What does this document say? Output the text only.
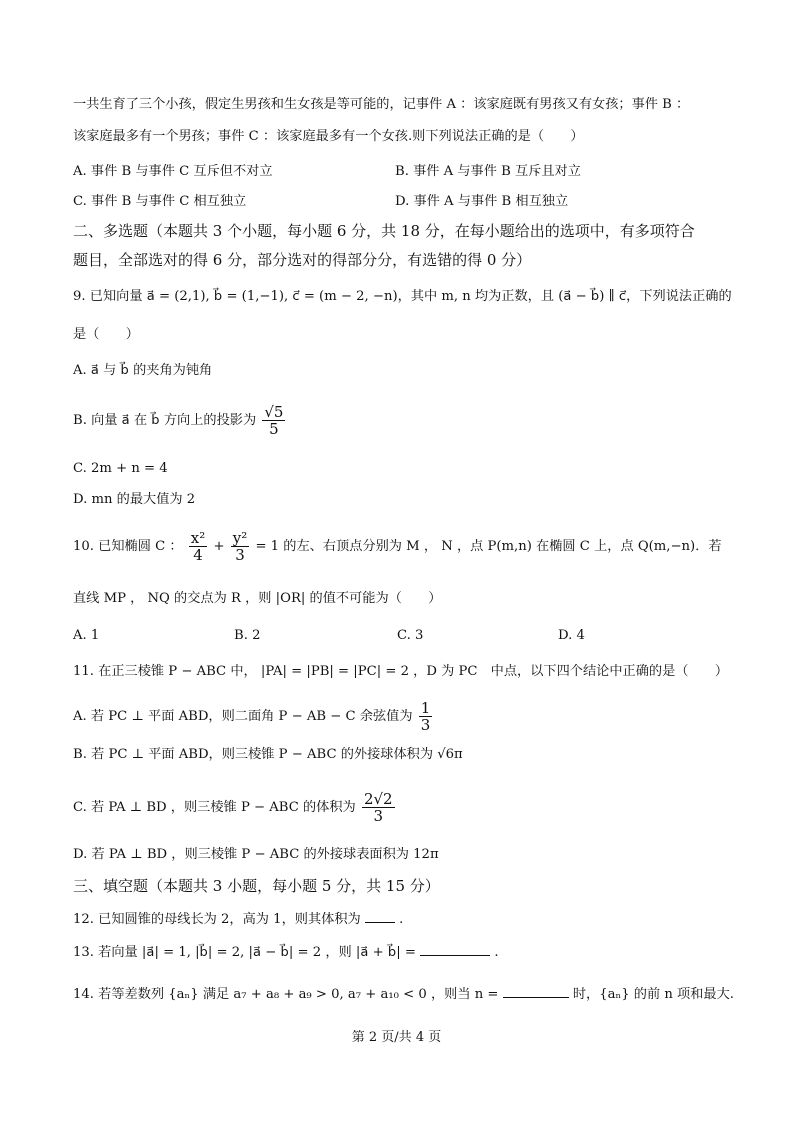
一共生育了三个小孩，假定生男孩和生女孩是等可能的，记事件 A ：该家庭既有男孩又有女孩；事件 B ：
该家庭最多有一个男孩；事件 C ：该家庭最多有一个女孩.则下列说法正确的是（　　）
A. 事件 B 与事件 C 互斥但不对立	B. 事件 A 与事件 B 互斥且对立
C. 事件 B 与事件 C 相互独立	D. 事件 A 与事件 B 相互独立
二、多选题（本题共 3 个小题，每小题 6 分，共 18 分，在每小题给出的选项中，有多项符合
题目，全部选对的得 6 分，部分选对的得部分分，有选错的得 0 分）
9. 已知向量 a⃗ = (2,1), b⃗ = (1,−1), c⃗ = (m − 2, −n)，其中 m, n 均为正数，且 (a⃗ − b⃗) ∥ c⃗，下列说法正确的
是（　　）
A. a⃗ 与 b⃗ 的夹角为钝角
B. 向量 a⃗ 在 b⃗ 方向上的投影为 $\frac{√5}{5}$
C. 2m + n = 4
D. mn 的最大值为 2
10. 已知椭圆 C ： $\frac{\text{x²}}{4} + \frac{\text{y²}}{3} = 1$ 的左、右顶点分别为 M ， N ，点 P(m,n) 在椭圆 C 上，点 Q(m,−n)．若
直线 MP ， NQ 的交点为 R ，则 |OR| 的值不可能为（　　）
A. 1	B. 2	C. 3	D. 4
11. 在正三棱锥 P − ABC 中， |PA| = |PB| = |PC| = 2 ，D 为 PC　中点，以下四个结论中正确的是（　　）
A. 若 PC ⊥ 平面 ABD，则二面角 P − AB − C 余弦值为 $\frac{1}{3}$
B. 若 PC ⊥ 平面 ABD，则三棱锥 P − ABC 的外接球体积为 √6π
C. 若 PA ⊥ BD ，则三棱锥 P − ABC 的体积为 $\frac{2√2}{3}$
D. 若 PA ⊥ BD ，则三棱锥 P − ABC 的外接球表面积为 12π
三、填空题（本题共 3 小题，每小题 5 分，共 15 分）
12. 已知圆锥的母线长为 2，高为 1，则其体积为	.
13. 若向量 |a⃗| = 1, |b⃗| = 2, |a⃗ − b⃗| = 2 ，则 |a⃗ + b⃗| =	.
14. 若等差数列 {aₙ} 满足 a₇ + a₈ + a₉ > 0, a₇ + a₁₀ < 0 ，则当 n =	时，{aₙ} 的前 n 项和最大.
第 2 页/共 4 页
